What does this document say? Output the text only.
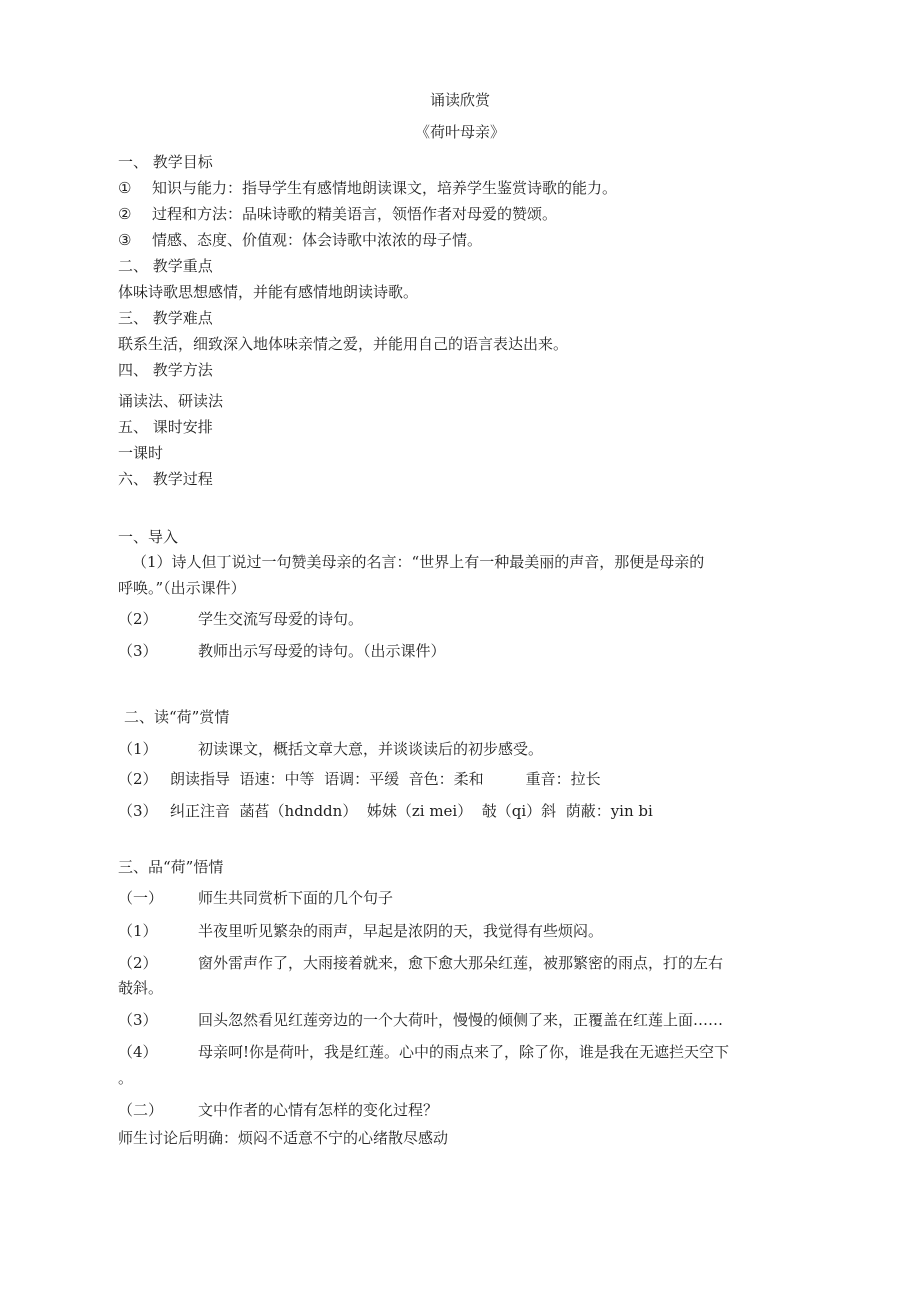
诵读欣赏
《荷叶母亲》
一、 教学目标
① 知识与能力：指导学生有感情地朗读课文，培养学生鉴赏诗歌的能力。
② 过程和方法：品味诗歌的精美语言，领悟作者对母爱的赞颂。
③ 情感、态度、价值观：体会诗歌中浓浓的母子情。
二、 教学重点
体味诗歌思想感情，并能有感情地朗读诗歌。
三、 教学难点
联系生活，细致深入地体味亲情之爱，并能用自己的语言表达出来。
四、 教学方法
诵读法、研读法
五、 课时安排
一课时
六、 教学过程
一、导入
（1）诗人但丁说过一句赞美母亲的名言：“世界上有一种最美丽的声音，那便是母亲的
呼唤。”（出示课件）
（2）	学生交流写母爱的诗句。
（3）	教师出示写母爱的诗句。（出示课件）
二、读“荷”赏情
（1）	初读课文，概括文章大意，并谈谈读后的初步感受。
（2） 朗读指导  语速：中等  语调：平缓  音色：柔和	重音：拉长
（3） 纠正注音  菡萏（hdnddn）  姊妹（zi mei）  攲（qi）斜  荫蔽：yin bi
三、品“荷”悟情
（一） 师生共同赏析下面的几个句子
（1）	半夜里听见繁杂的雨声，早起是浓阴的天，我觉得有些烦闷。
（2）	窗外雷声作了，大雨接着就来，愈下愈大那朵红莲，被那繁密的雨点，打的左右
攲斜。
（3）	回头忽然看见红莲旁边的一个大荷叶，慢慢的倾侧了来，正覆盖在红莲上面……
（4）	母亲呵!你是荷叶，我是红莲。心中的雨点来了，除了你，谁是我在无遮拦天空下
。
（二） 文中作者的心情有怎样的变化过程？
师生讨论后明确：烦闷不适意不宁的心绪散尽感动
